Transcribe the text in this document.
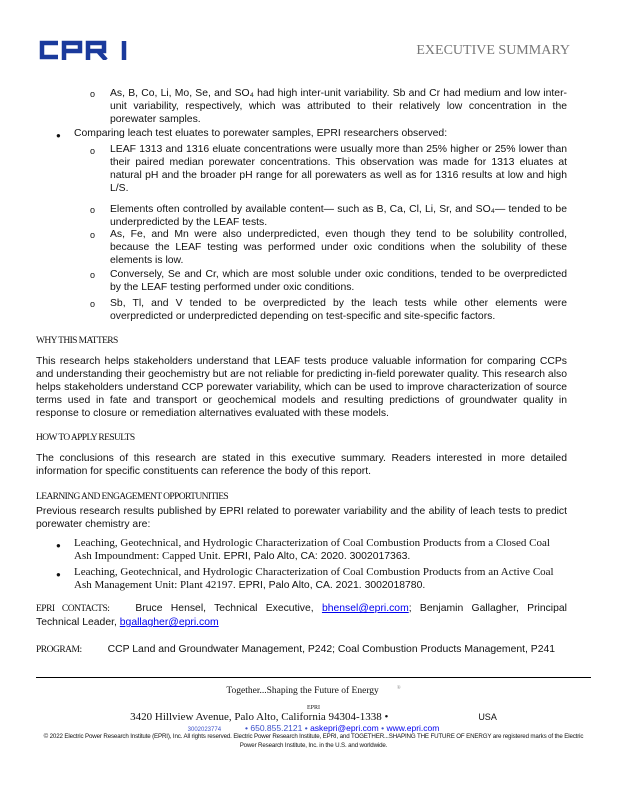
EXECUTIVE SUMMARY
o As, B, Co, Li, Mo, Se, and SO₄ had high inter-unit variability. Sb and Cr had medium and low inter- unit variability, respectively, which was attributed to their relatively low concentration in the porewater samples.
● Comparing leach test eluates to porewater samples, EPRI researchers observed:
o LEAF 1313 and 1316 eluate concentrations were usually more than 25% higher or 25% lower than their paired median porewater concentrations. This observation was made for 1313 eluates at natural pH and the broader pH range for all porewaters as well as for 1316 results at low and high L/S.
o Elements often controlled by available content— such as B, Ca, Cl, Li, Sr, and SO₄— tended to be underpredicted by the LEAF tests.
o As, Fe, and Mn were also underpredicted, even though they tend to be solubility controlled, because the LEAF testing was performed under oxic conditions when the solubility of these elements is low.
o Conversely, Se and Cr, which are most soluble under oxic conditions, tended to be overpredicted by the LEAF testing performed under oxic conditions.
o Sb, Tl, and V tended to be overpredicted by the leach tests while other elements were overpredicted or underpredicted depending on test-specific and site-specific factors.
WHY THIS MATTERS
This research helps stakeholders understand that LEAF tests produce valuable information for comparing CCPs and understanding their geochemistry but are not reliable for predicting in-field porewater quality. This research also helps stakeholders understand CCP porewater variability, which can be used to improve characterization of source terms used in fate and transport or geochemical models and resulting predictions of groundwater quality in response to closure or remediation alternatives evaluated with these models.
HOW TO APPLY RESULTS
The conclusions of this research are stated in this executive summary. Readers interested in more detailed information for specific constituents can reference the body of this report.
LEARNING AND ENGAGEMENT OPPORTUNITIES
Previous research results published by EPRI related to porewater variability and the ability of leach tests to predict porewater chemistry are:
● Leaching, Geotechnical, and Hydrologic Characterization of Coal Combustion Products from a Closed Coal Ash Impoundment: Capped Unit. EPRI, Palo Alto, CA: 2020. 3002017363.
● Leaching, Geotechnical, and Hydrologic Characterization of Coal Combustion Products from an Active Coal Ash Management Unit: Plant 42197. EPRI, Palo Alto, CA. 2021. 3002018780.
EPRI CONTACTS:	Bruce Hensel, Technical Executive, bhensel@epri.com; Benjamin Gallagher, Principal Technical Leader, bgallagher@epri.com
PROGRAM:	CCP Land and Groundwater Management, P242; Coal Combustion Products Management, P241
Together...Shaping the Future of Energy	®
EPRI
3420 Hillview Avenue, Palo Alto, California 94304-1338 •	USA
3002023774	• 650.855.2121 • askepri@epri.com • www.epri.com
© 2022 Electric Power Research Institute (EPRI), Inc. All rights reserved. Electric Power Research Institute, EPRI, and TOGETHER...SHAPING THE FUTURE OF ENERGY are registered marks of the Electric Power Research Institute, Inc. in the U.S. and worldwide.
